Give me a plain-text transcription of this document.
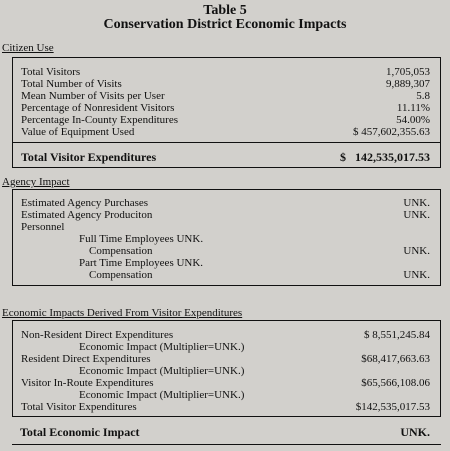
Table 5
Conservation District Economic Impacts
Citizen Use
Total Visitors	1,705,053
Total Number of Visits	9,889,307
Mean Number of Visits per User	5.8
Percentage of Nonresident Visitors	11.11%
Percentage In-County Expenditures	54.00%
Value of Equipment Used	$ 457,602,355.63
Total Visitor Expenditures	$   142,535,017.53
Agency Impact
Estimated Agency Purchases	UNK.
Estimated Agency Produciton	UNK.
Personnel
Full Time Employees UNK.
Compensation	UNK.
Part Time Employees UNK.
Compensation	UNK.
Economic Impacts Derived From Visitor Expenditures
Non-Resident Direct Expenditures	$ 8,551,245.84
Economic Impact (Multiplier=UNK.)
Resident Direct Expenditures	$68,417,663.63
Economic Impact (Multiplier=UNK.)
Visitor In-Route Expenditures	$65,566,108.06
Economic Impact (Multiplier=UNK.)
Total Visitor Expenditures	$142,535,017.53
Total Economic Impact	UNK.
